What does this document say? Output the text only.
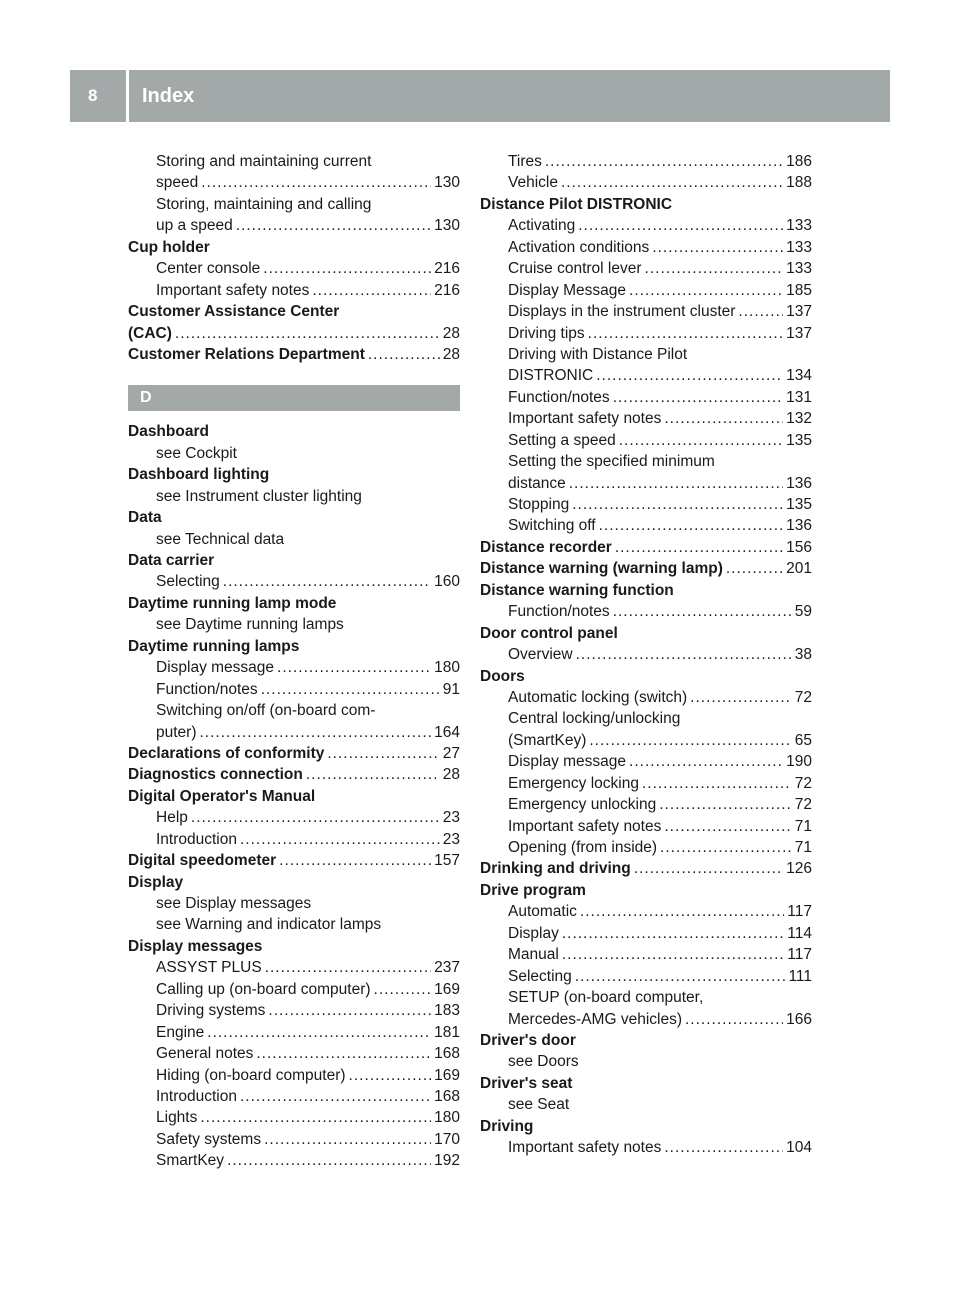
8	Index
Storing and maintaining current
speed .....	130
Storing, maintaining and calling
up a speed .....	130
Cup holder
Center console .....	216
Important safety notes .....	216
Customer Assistance Center
(CAC) .....	28
Customer Relations Department .....	28
D
Dashboard
see Cockpit
Dashboard lighting
see Instrument cluster lighting
Data
see Technical data
Data carrier
Selecting .....	160
Daytime running lamp mode
see Daytime running lamps
Daytime running lamps
Display message .....	180
Function/notes .....	91
Switching on/off (on-board com-
puter) .....	164
Declarations of conformity .....	27
Diagnostics connection .....	28
Digital Operator's Manual
Help .....	23
Introduction .....	23
Digital speedometer .....	157
Display
see Display messages
see Warning and indicator lamps
Display messages
ASSYST PLUS .....	237
Calling up (on-board computer) .....	169
Driving systems .....	183
Engine .....	181
General notes .....	168
Hiding (on-board computer) .....	169
Introduction .....	168
Lights .....	180
Safety systems .....	170
SmartKey .....	192
Tires .....	186
Vehicle .....	188
Distance Pilot DISTRONIC
Activating .....	133
Activation conditions .....	133
Cruise control lever .....	133
Display Message .....	185
Displays in the instrument cluster .....	137
Driving tips .....	137
Driving with Distance Pilot
DISTRONIC .....	134
Function/notes .....	131
Important safety notes .....	132
Setting a speed .....	135
Setting the specified minimum
distance .....	136
Stopping .....	135
Switching off .....	136
Distance recorder .....	156
Distance warning (warning lamp) .....	201
Distance warning function
Function/notes .....	59
Door control panel
Overview .....	38
Doors
Automatic locking (switch) .....	72
Central locking/unlocking
(SmartKey) .....	65
Display message .....	190
Emergency locking .....	72
Emergency unlocking .....	72
Important safety notes .....	71
Opening (from inside) .....	71
Drinking and driving .....	126
Drive program
Automatic .....	117
Display .....	114
Manual .....	117
Selecting .....	111
SETUP (on-board computer,
Mercedes-AMG vehicles) .....	166
Driver's door
see Doors
Driver's seat
see Seat
Driving
Important safety notes .....	104
